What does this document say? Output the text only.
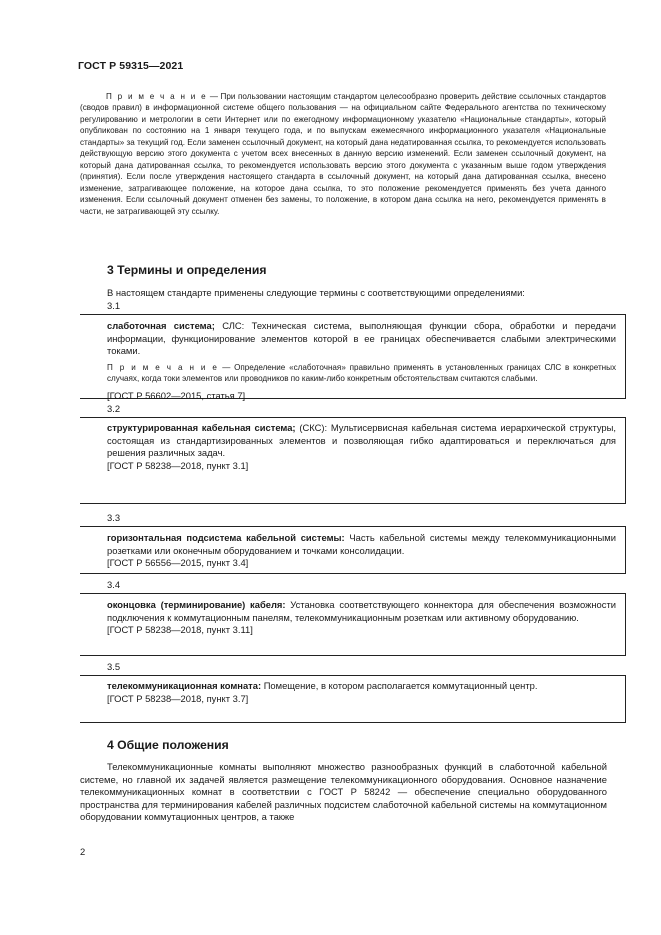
ГОСТ Р 59315—2021
П р и м е ч а н и е — При пользовании настоящим стандартом целесообразно проверить действие ссылочных стандартов (сводов правил) в информационной системе общего пользования — на официальном сайте Федерального агентства по техническому регулированию и метрологии в сети Интернет или по ежегодному информационному указателю «Национальные стандарты», который опубликован по состоянию на 1 января текущего года, и по выпускам ежемесячного информационного указателя «Национальные стандарты» за текущий год. Если заменен ссылочный документ, на который дана недатированная ссылка, то рекомендуется использовать действующую версию этого документа с учетом всех внесенных в данную версию изменений. Если заменен ссылочный документ, на который дана датированная ссылка, то рекомендуется использовать версию этого документа с указанным выше годом утверждения (принятия). Если после утверждения настоящего стандарта в ссылочный документ, на который дана датированная ссылка, внесено изменение, затрагивающее положение, на которое дана ссылка, то это положение рекомендуется применять без учета данного изменения. Если ссылочный документ отменен без замены, то положение, в котором дана ссылка на него, рекомендуется применять в части, не затрагивающей эту ссылку.
3 Термины и определения
В настоящем стандарте применены следующие термины с соответствующими определениями:
3.1

слаботочная система; СЛС: Техническая система, выполняющая функции сбора, обработки и передачи информации, функционирование элементов которой в ее границах обеспечивается слабыми электрическими токами.

П р и м е ч а н и е — Определение «слаботочная» правильно применять в установленных границах СЛС в конкретных случаях, когда токи элементов или проводников по каким-либо конкретным обстоятельствам считаются слабыми.

[ГОСТ Р 56602—2015, статья 7]

3.2

структурированная кабельная система; (СКС): Мультисервисная кабельная система иерархической структуры, состоящая из стандартизированных элементов и позволяющая гибко адаптироваться и переключаться для решения различных задач.

[ГОСТ Р 58238—2018, пункт 3.1]

3.3

горизонтальная подсистема кабельной системы: Часть кабельной системы между телекоммуникационными розетками или оконечным оборудованием и точками консолидации.

[ГОСТ Р 56556—2015, пункт 3.4]

3.4

оконцовка (терминирование) кабеля: Установка соответствующего коннектора для обеспечения возможности подключения к коммутационным панелям, телекоммуникационным розеткам или активному оборудованию.

[ГОСТ Р 58238—2018, пункт 3.11]

3.5

телекоммуникационная комната: Помещение, в котором располагается коммутационный центр.

[ГОСТ Р 58238—2018, пункт 3.7]

4 Общие положения
Телекоммуникационные комнаты выполняют множество разнообразных функций в слаботочной кабельной системе, но главной их задачей является размещение телекоммуникационного оборудования. Основное назначение телекоммуникационных комнат в соответствии с ГОСТ Р 58242 — обеспечение специально оборудованного пространства для терминирования кабелей различных подсистем слаботочной кабельной системы на коммутационном оборудовании коммутационных центров, а также
2
